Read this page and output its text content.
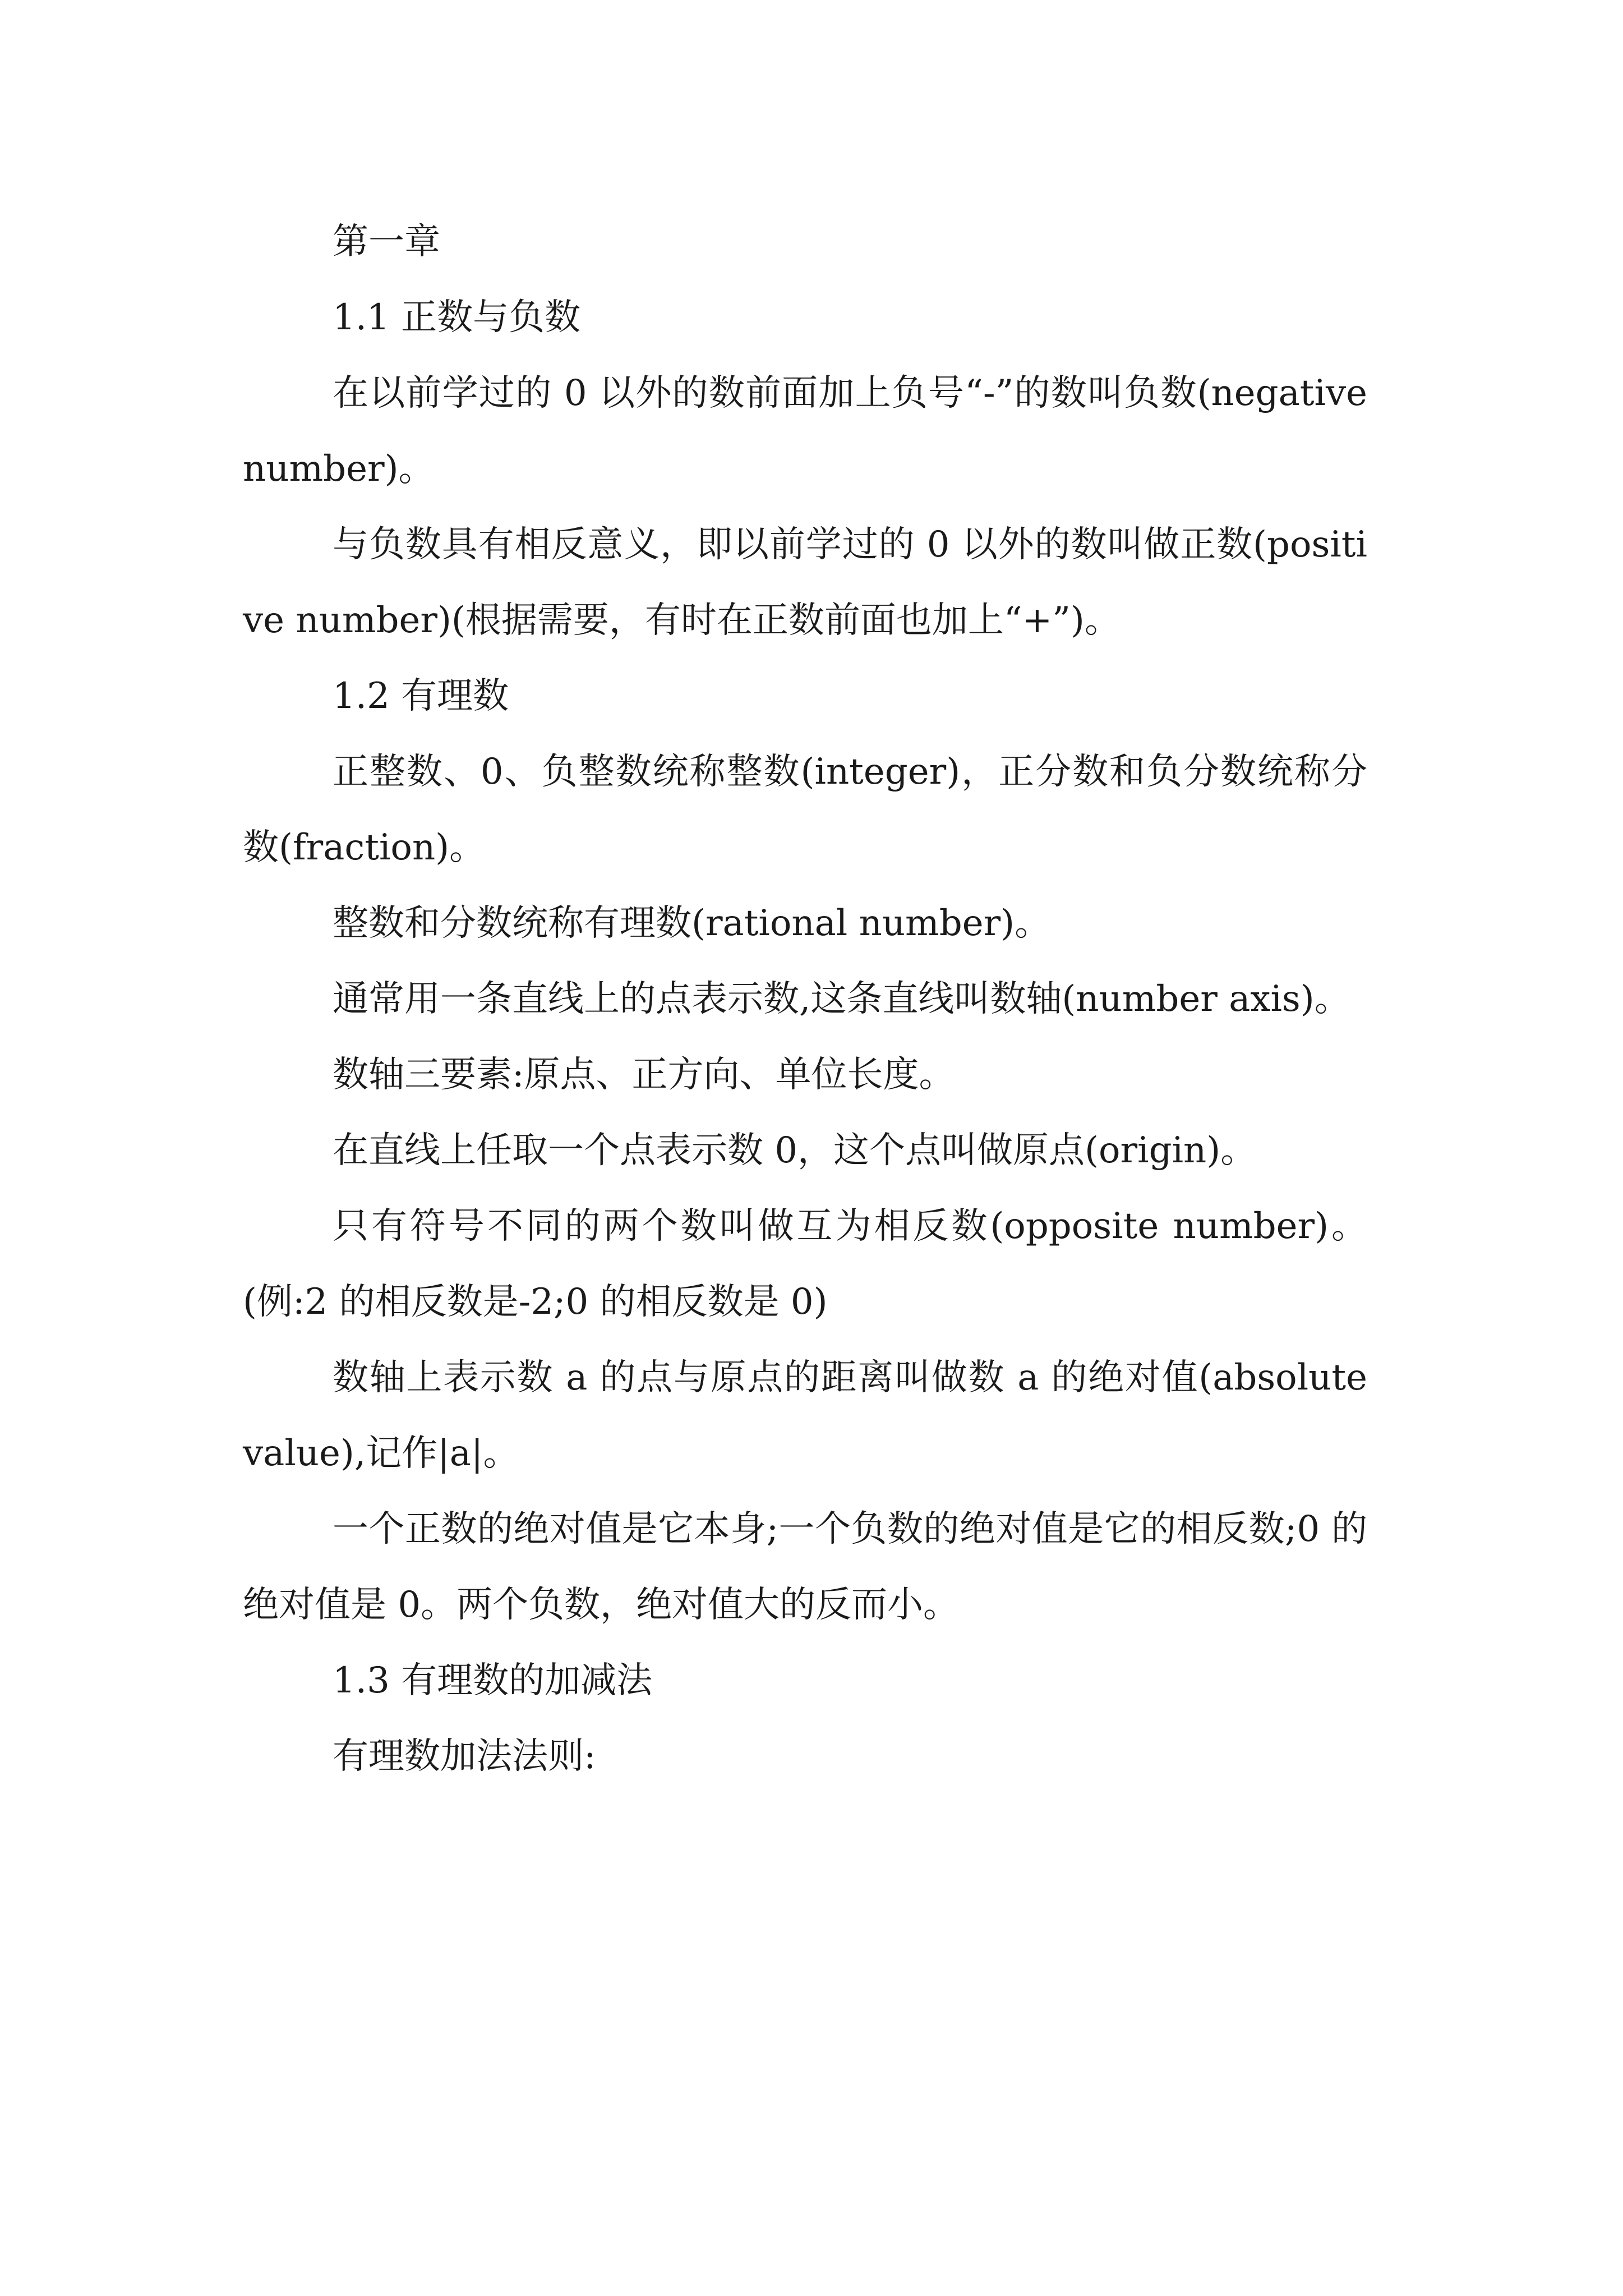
第一章

1.1 正数与负数

在以前学过的 0 以外的数前面加上负号“-”的数叫负数(negative number)。

与负数具有相反意义，即以前学过的 0 以外的数叫做正数(positive number)(根据需要，有时在正数前面也加上“+”)。

1.2 有理数

正整数、0、负整数统称整数(integer)，正分数和负分数统称分数(fraction)。

整数和分数统称有理数(rational number)。

通常用一条直线上的点表示数,这条直线叫数轴(number axis)。

数轴三要素:原点、正方向、单位长度。

在直线上任取一个点表示数 0，这个点叫做原点(origin)。

只有符号不同的两个数叫做互为相反数(opposite number)。(例:2 的相反数是-2;0 的相反数是 0)

数轴上表示数 a 的点与原点的距离叫做数 a 的绝对值(absolute value),记作|a|。

一个正数的绝对值是它本身;一个负数的绝对值是它的相反数;0 的绝对值是 0。两个负数，绝对值大的反而小。

1.3 有理数的加减法

有理数加法法则:
